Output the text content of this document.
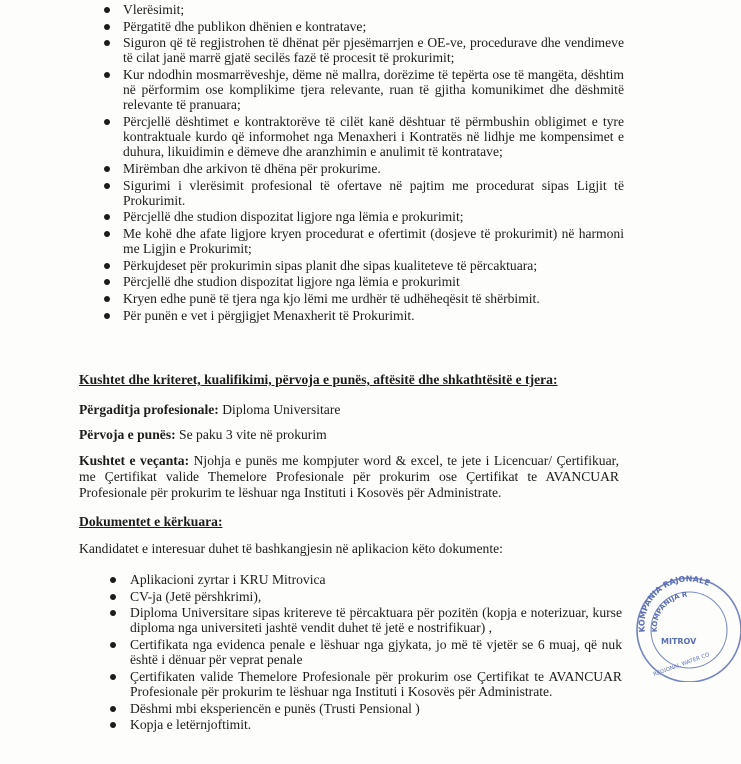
Vlerësimit;
Përgatitë dhe publikon dhënien e kontratave;
Siguron që të regjistrohen të dhënat për pjesëmarrjen e OE-ve, procedurave dhe vendimeve të cilat janë marrë gjatë secilës fazë të procesit të prokurimit;
Kur ndodhin mosmarrëveshje, dëme në mallra, dorëzime të tepërta ose të mangëta, dështim në përformim ose komplikime tjera relevante, ruan të gjitha komunikimet dhe dëshmitë relevante të pranuara;
Përcjellë dështimet e kontraktorëve të cilët kanë dështuar të përmbushin obligimet e tyre kontraktuale kurdo që informohet nga Menaxheri i Kontratës në lidhje me kompensimet e duhura, likuidimin e dëmeve dhe aranzhimin e anulimit të kontratave;
Mirëmban dhe arkivon të dhëna për prokurime.
Sigurimi i vlerësimit profesional të ofertave në pajtim me procedurat sipas Ligjit të Prokurimit.
Përcjellë dhe studion dispozitat ligjore nga lëmia e prokurimit;
Me kohë dhe afate ligjore kryen procedurat e ofertimit (dosjeve të prokurimit) në harmoni me Ligjin e Prokurimit;
Përkujdeset për prokurimin sipas planit dhe sipas kualiteteve të përcaktuara;
Përcjellë dhe studion dispozitat ligjore nga lëmia e prokurimit
Kryen edhe punë të tjera nga kjo lëmi me urdhër të udhëheqësit të shërbimit.
Për punën e vet i përgjigjet Menaxherit të Prokurimit.
Kushtet dhe kriteret, kualifikimi, përvoja e punës, aftësitë dhe shkathtësitë e tjera:
Përgaditja profesionale: Diploma Universitare
Përvoja e punës: Se paku 3 vite në prokurim
Kushtet e veçanta: Njohja e punës me kompjuter word & excel, te jete i Licencuar/ Çertifikuar, me Çertifikat valide Themelore Profesionale për prokurim ose Çertifikat te AVANCUAR Profesionale për prokurim te lëshuar nga Instituti i Kosovës për Administrate.
Dokumentet e kërkuara:
Kandidatet e interesuar duhet të bashkangjesin në aplikacion këto dokumente:
Aplikacioni zyrtar i KRU Mitrovica
CV-ja (Jetë përshkrimi),
Diploma Universitare sipas kritereve të përcaktuara për pozitën (kopja e noterizuar, kurse diploma nga universiteti jashtë vendit duhet të jetë e nostrifikuar) ,
Certifikata nga evidenca penale e lëshuar nga gjykata, jo më të vjetër se 6 muaj, që nuk është i dënuar për veprat penale
Çertifikaten valide Themelore Profesionale për prokurim ose Çertifikat te AVANCUAR Profesionale për prokurim te lëshuar nga Instituti i Kosovës për Administrate.
Dëshmi mbi eksperiencën e punës (Trusti Pensional )
Kopja e letërnjoftimit.
KOMPANIA RAJONALE
KOMPANIJA R
MITROV
REGIONAL WATER CO
